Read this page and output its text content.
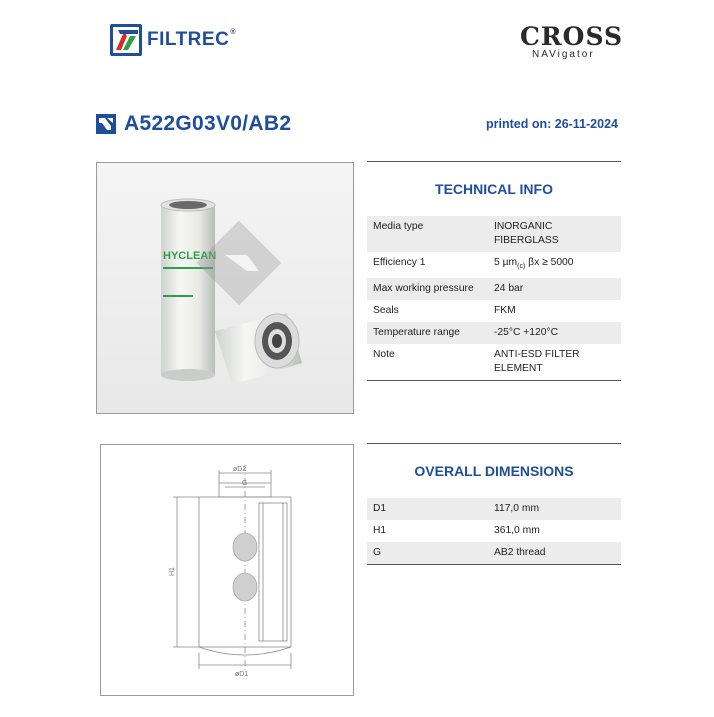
FILTREC®	CROSS
NAVigator
A522G03V0/AB2	printed on: 26-11-2024
HYCLEAN
TECHNICAL INFO
Media type	INORGANIC FIBERGLASS
Efficiency 1	5 µm$_{(c)}$ βx ≥ 5000
Max working pressure	24 bar
Seals	FKM
Temperature range	-25°C +120°C
Note	ANTI-ESD FILTER ELEMENT
øD2
G
H1
øD1
OVERALL DIMENSIONS
D1	117,0 mm
H1	361,0 mm
G	AB2 thread
